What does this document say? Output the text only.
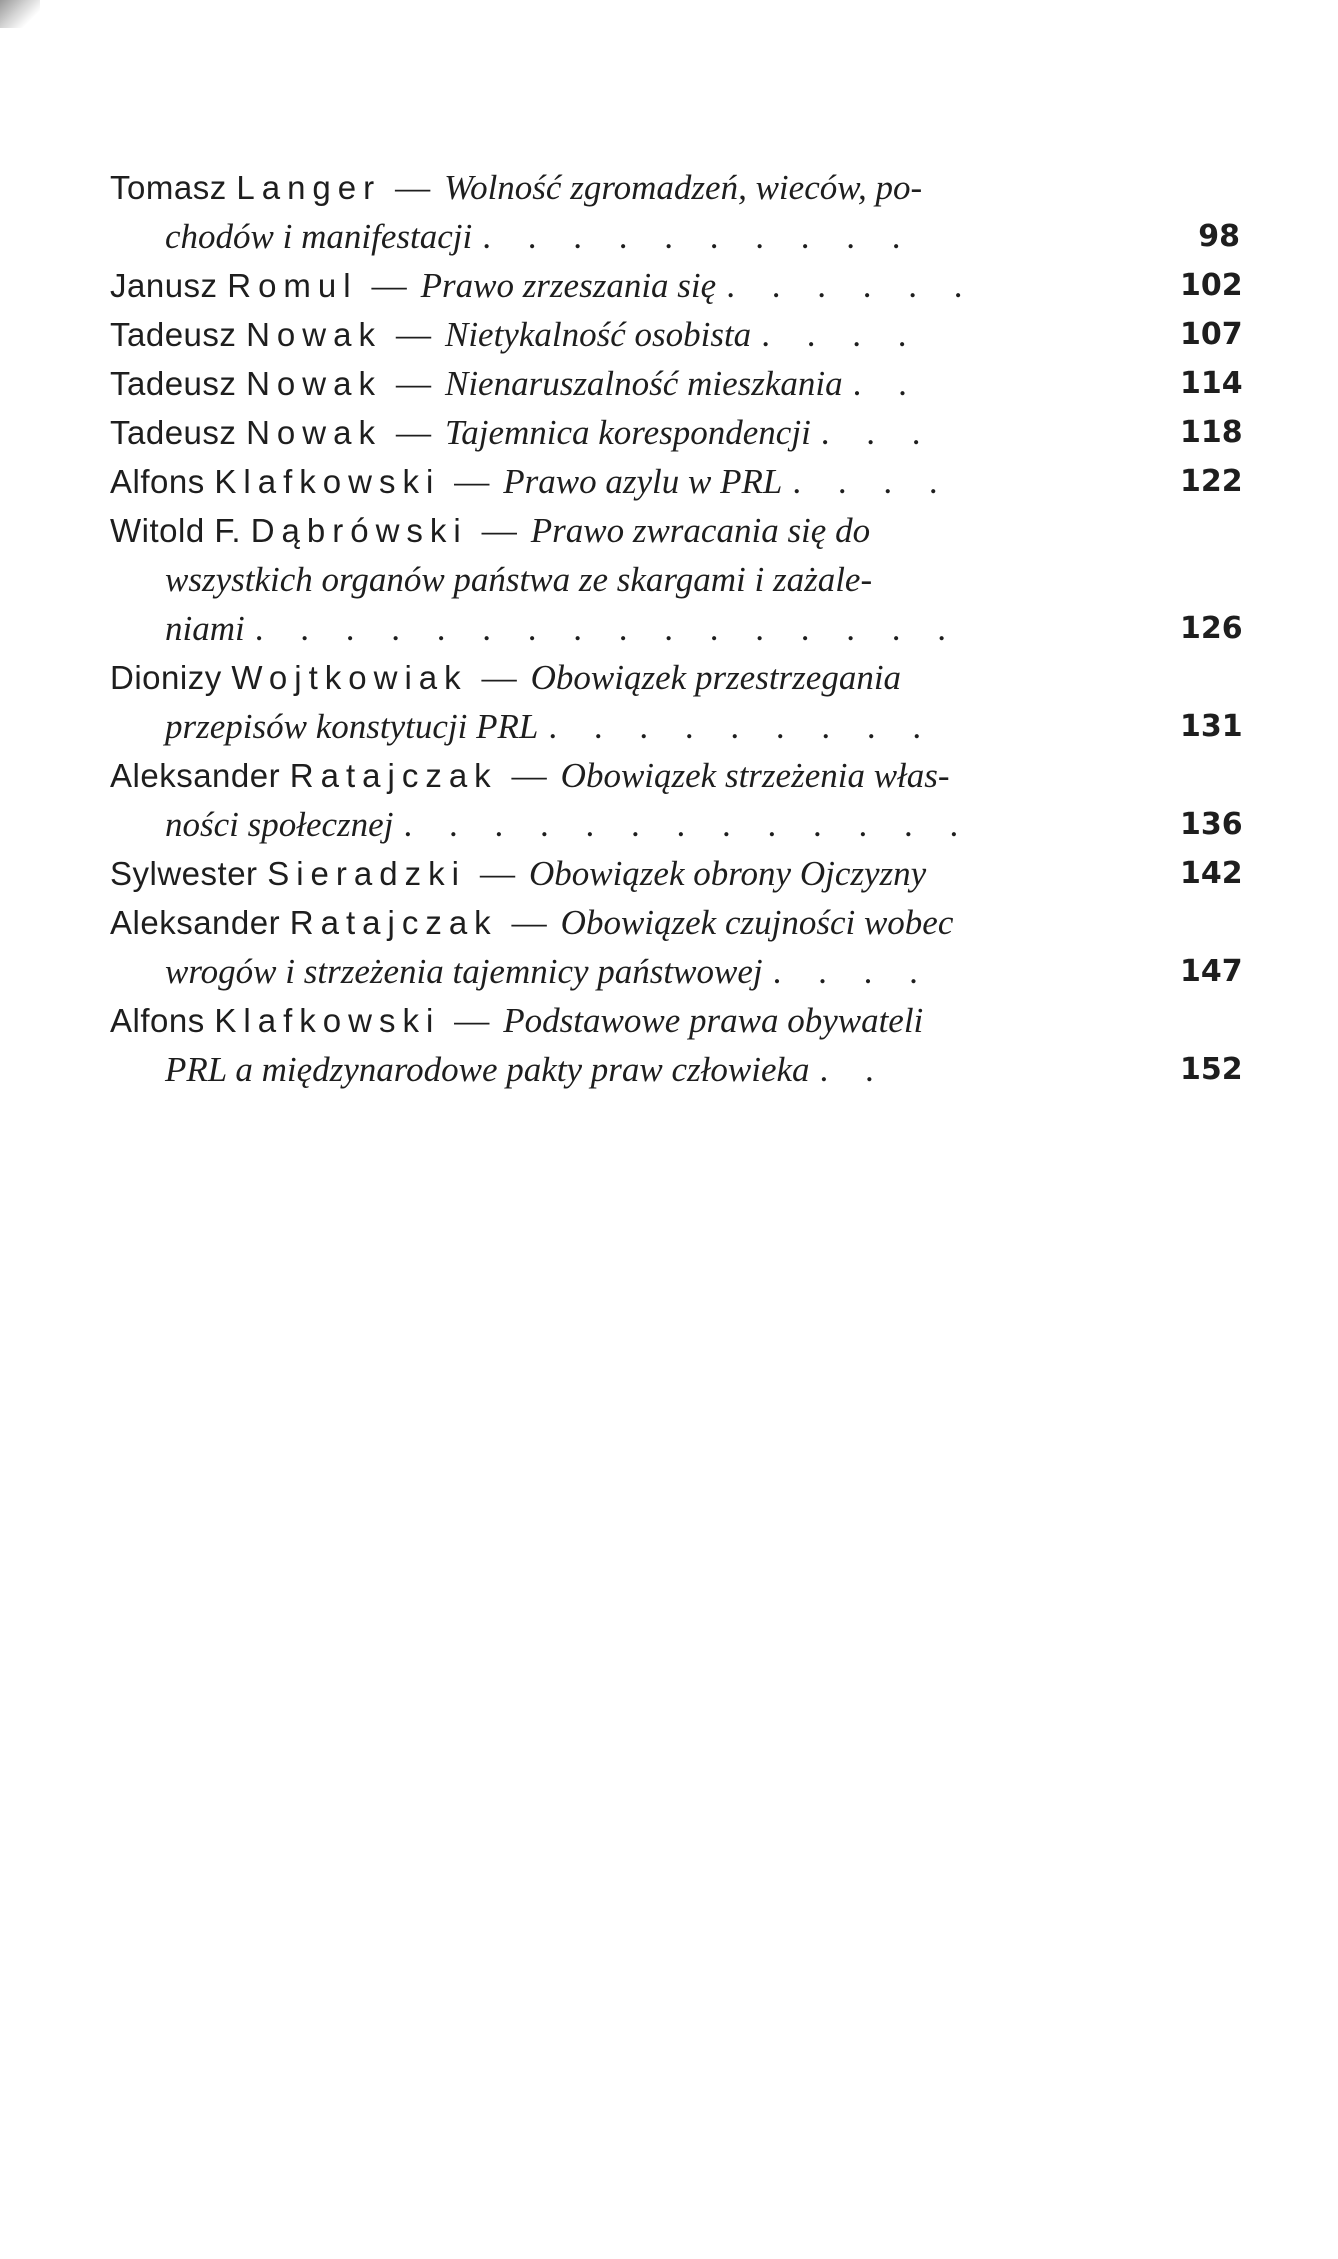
Tomasz Langer — Wolność zgromadzeń, wieców, po-
chodów i manifestacji . . . . . . . . . .	98
Janusz Romul — Prawo zrzeszania się . . . . . .	102
Tadeusz Nowak — Nietykalność osobista . . . .	107
Tadeusz Nowak — Nienaruszalność mieszkania . .	114
Tadeusz Nowak — Tajemnica korespondencji . . .	118
Alfons Klafkowski — Prawo azylu w PRL . . . .	122
Witold F. Dąbrówski — Prawo zwracania się do
wszystkich organów państwa ze skargami i zażale-
niami . . . . . . . . . . . . . . . .	126
Dionizy Wojtkowiak — Obowiązek przestrzegania
przepisów konstytucji PRL . . . . . . . . .	131
Aleksander Ratajczak — Obowiązek strzeżenia włas-
ności społecznej . . . . . . . . . . . . .	136
Sylwester Sieradzki — Obowiązek obrony Ojczyzny	142
Aleksander Ratajczak — Obowiązek czujności wobec
wrogów i strzeżenia tajemnicy państwowej . . . .	147
Alfons Klafkowski — Podstawowe prawa obywateli
PRL a międzynarodowe pakty praw człowieka . .	152
